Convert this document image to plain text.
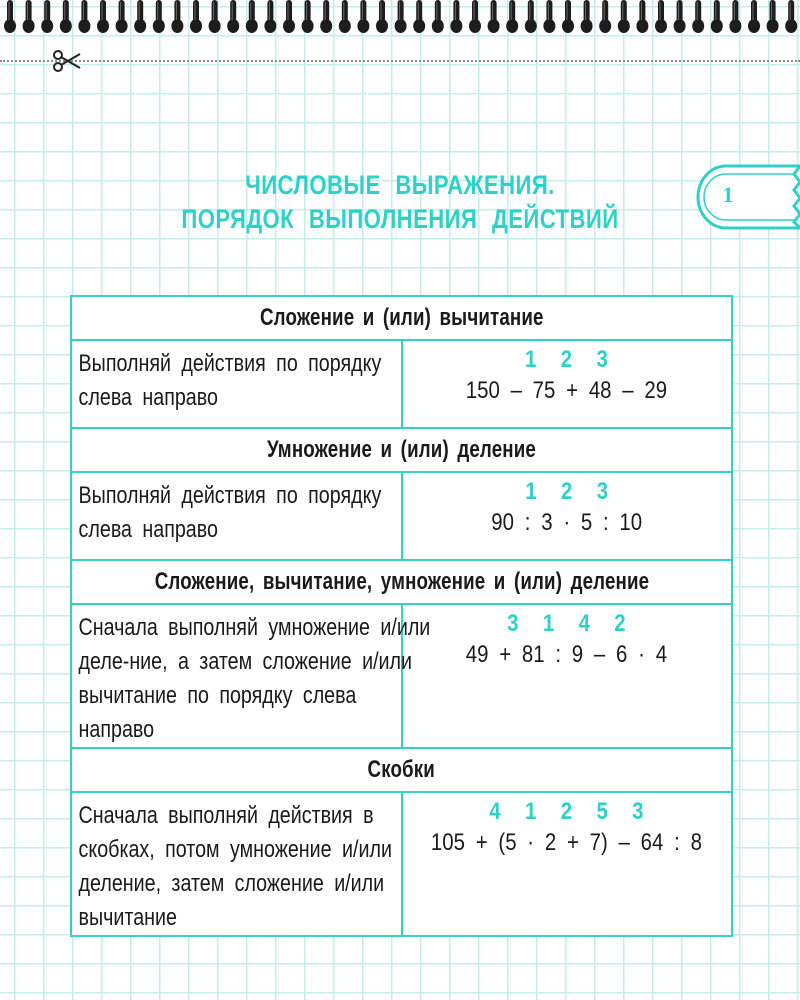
ЧИСЛОВЫЕ ВЫРАЖЕНИЯ.
ПОРЯДОК ВЫПОЛНЕНИЯ ДЕЙСТВИЙ
1
Сложение и (или) вычитание	

Выполняй действия по порядку слева направо	1 2 3
150 – 75 + 48 – 29

Умножение и (или) деление	

Выполняй действия по порядку слева направо	1 2 3
90 : 3 · 5 : 10

Сложение, вычитание, умножение и (или) деление	

Сначала выполняй умножение и/или деле-ние, а затем сложение и/или вычитание по порядку слева направо	3 1 4 2
49 + 81 : 9 – 6 · 4

Скобки	

Сначала выполняй действия в скобках, потом умножение и/или деление, затем сложение и/или вычитание	4 1 2 5 3
105 + (5 · 2 + 7) – 64 : 8
